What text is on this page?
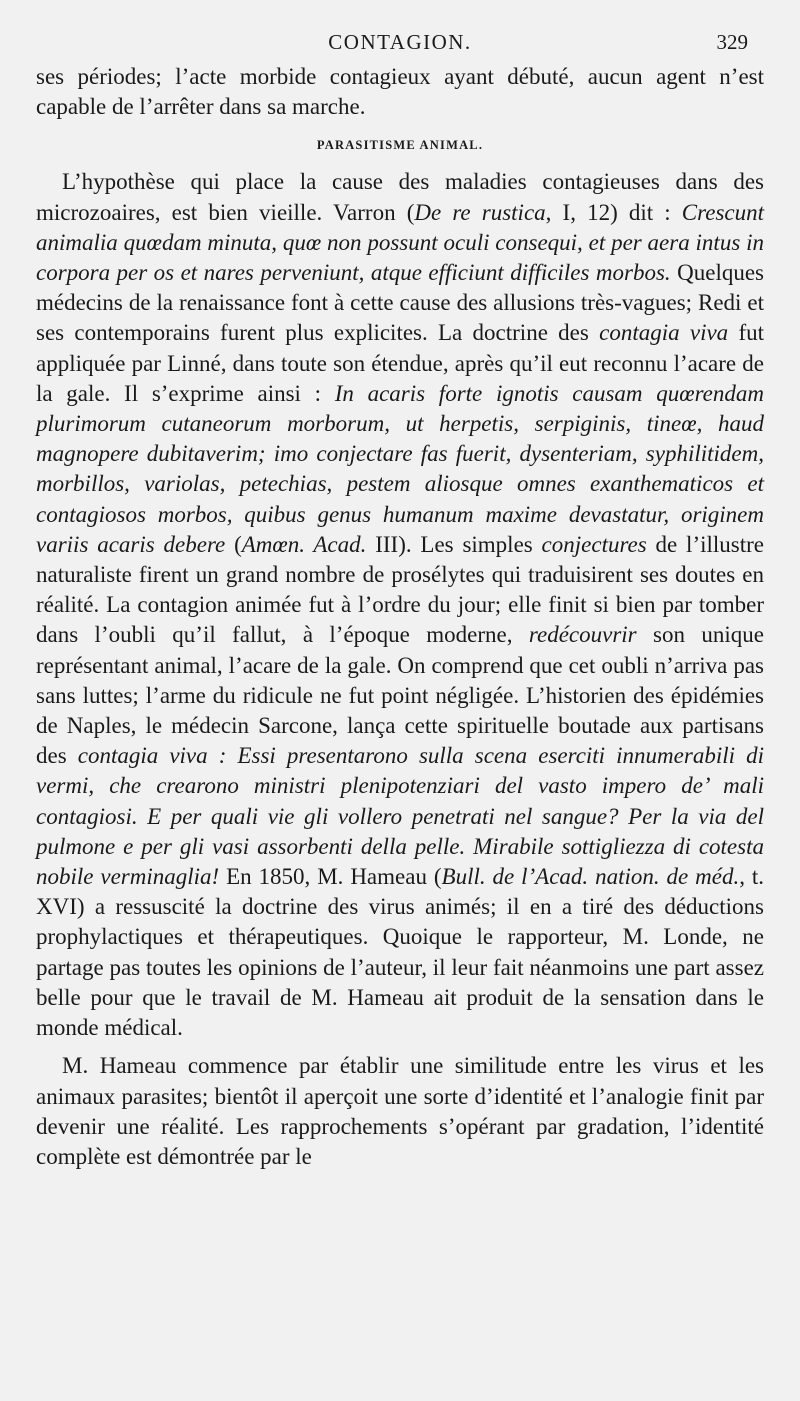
CONTAGION.	329

ses périodes; l’acte morbide contagieux ayant débuté, aucun agent n’est capable de l’arrêter dans sa marche.

PARASITISME ANIMAL.

L’hypothèse qui place la cause des maladies contagieuses dans des microzoaires, est bien vieille. Varron (De re rustica, I, 12) dit : Crescunt animalia quœdam minuta, quœ non possunt oculi consequi, et per aera intus in corpora per os et nares perveniunt, atque efficiunt difficiles morbos. Quelques médecins de la renaissance font à cette cause des allusions très-vagues; Redi et ses contemporains furent plus explicites. La doctrine des contagia viva fut appliquée par Linné, dans toute son étendue, après qu’il eut reconnu l’acare de la gale. Il s’exprime ainsi : In acaris forte ignotis causam quœrendam plurimorum cutaneorum morborum, ut herpetis, serpiginis, tineœ, haud magnopere dubitaverim; imo conjectare fas fuerit, dysenteriam, syphilitidem, morbillos, variolas, petechias, pestem aliosque omnes exanthematicos et contagiosos morbos, quibus genus humanum maxime devastatur, originem variis acaris debere (Amœn. Acad. III). Les simples conjectures de l’illustre naturaliste firent un grand nombre de prosélytes qui traduisirent ses doutes en réalité. La contagion animée fut à l’ordre du jour; elle finit si bien par tomber dans l’oubli qu’il fallut, à l’époque moderne, redécouvrir son unique représentant animal, l’acare de la gale. On comprend que cet oubli n’arriva pas sans luttes; l’arme du ridicule ne fut point négligée. L’historien des épidémies de Naples, le médecin Sarcone, lança cette spirituelle boutade aux partisans des contagia viva : Essi presentarono sulla scena eserciti innumerabili di vermi, che crearono ministri plenipotenziari del vasto impero de’ mali contagiosi. E per quali vie gli vollero penetrati nel sangue? Per la via del pulmone e per gli vasi assorbenti della pelle. Mirabile sottigliezza di cotesta nobile verminaglia! En 1850, M. Hameau (Bull. de l’Acad. nation. de méd., t. XVI) a ressuscité la doctrine des virus animés; il en a tiré des déductions prophylactiques et thérapeutiques. Quoique le rapporteur, M. Londe, ne partage pas toutes les opinions de l’auteur, il leur fait néanmoins une part assez belle pour que le travail de M. Hameau ait produit de la sensation dans le monde médical.

M. Hameau commence par établir une similitude entre les virus et les animaux parasites; bientôt il aperçoit une sorte d’identité et l’analogie finit par devenir une réalité. Les rapprochements s’opérant par gradation, l’identité complète est démontrée par le
